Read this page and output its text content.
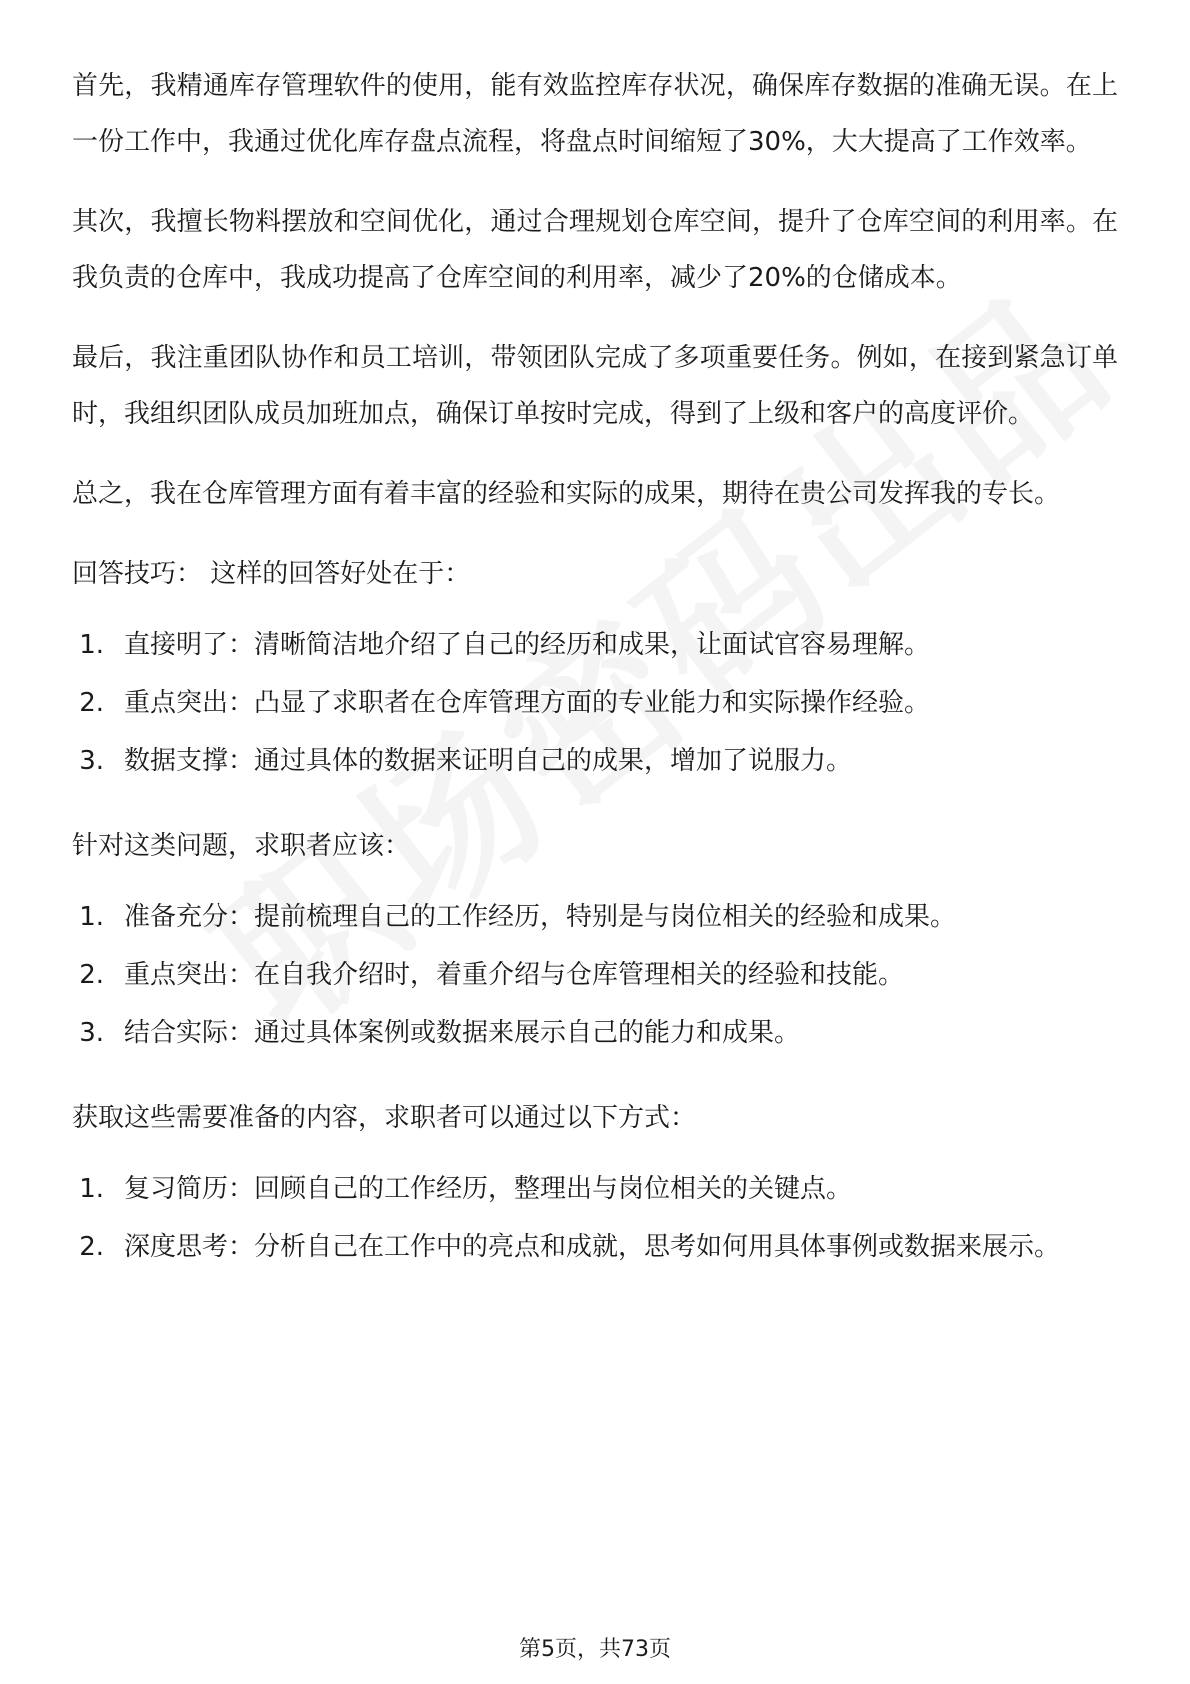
首先，我精通库存管理软件的使用，能有效监控库存状况，确保库存数据的准确无误。在上一份工作中，我通过优化库存盘点流程，将盘点时间缩短了30%，大大提高了工作效率。

其次，我擅长物料摆放和空间优化，通过合理规划仓库空间，提升了仓库空间的利用率。在我负责的仓库中，我成功提高了仓库空间的利用率，减少了20%的仓储成本。

最后，我注重团队协作和员工培训，带领团队完成了多项重要任务。例如，在接到紧急订单时，我组织团队成员加班加点，确保订单按时完成，得到了上级和客户的高度评价。

总之，我在仓库管理方面有着丰富的经验和实际的成果，期待在贵公司发挥我的专长。

回答技巧： 这样的回答好处在于：
1. 直接明了：清晰简洁地介绍了自己的经历和成果，让面试官容易理解。
2. 重点突出：凸显了求职者在仓库管理方面的专业能力和实际操作经验。
3. 数据支撑：通过具体的数据来证明自己的成果，增加了说服力。
针对这类问题，求职者应该：
1. 准备充分：提前梳理自己的工作经历，特别是与岗位相关的经验和成果。
2. 重点突出：在自我介绍时，着重介绍与仓库管理相关的经验和技能。
3. 结合实际：通过具体案例或数据来展示自己的能力和成果。
获取这些需要准备的内容，求职者可以通过以下方式：
1. 复习简历：回顾自己的工作经历，整理出与岗位相关的关键点。
2. 深度思考：分析自己在工作中的亮点和成就，思考如何用具体事例或数据来展示。
第5页，共73页
